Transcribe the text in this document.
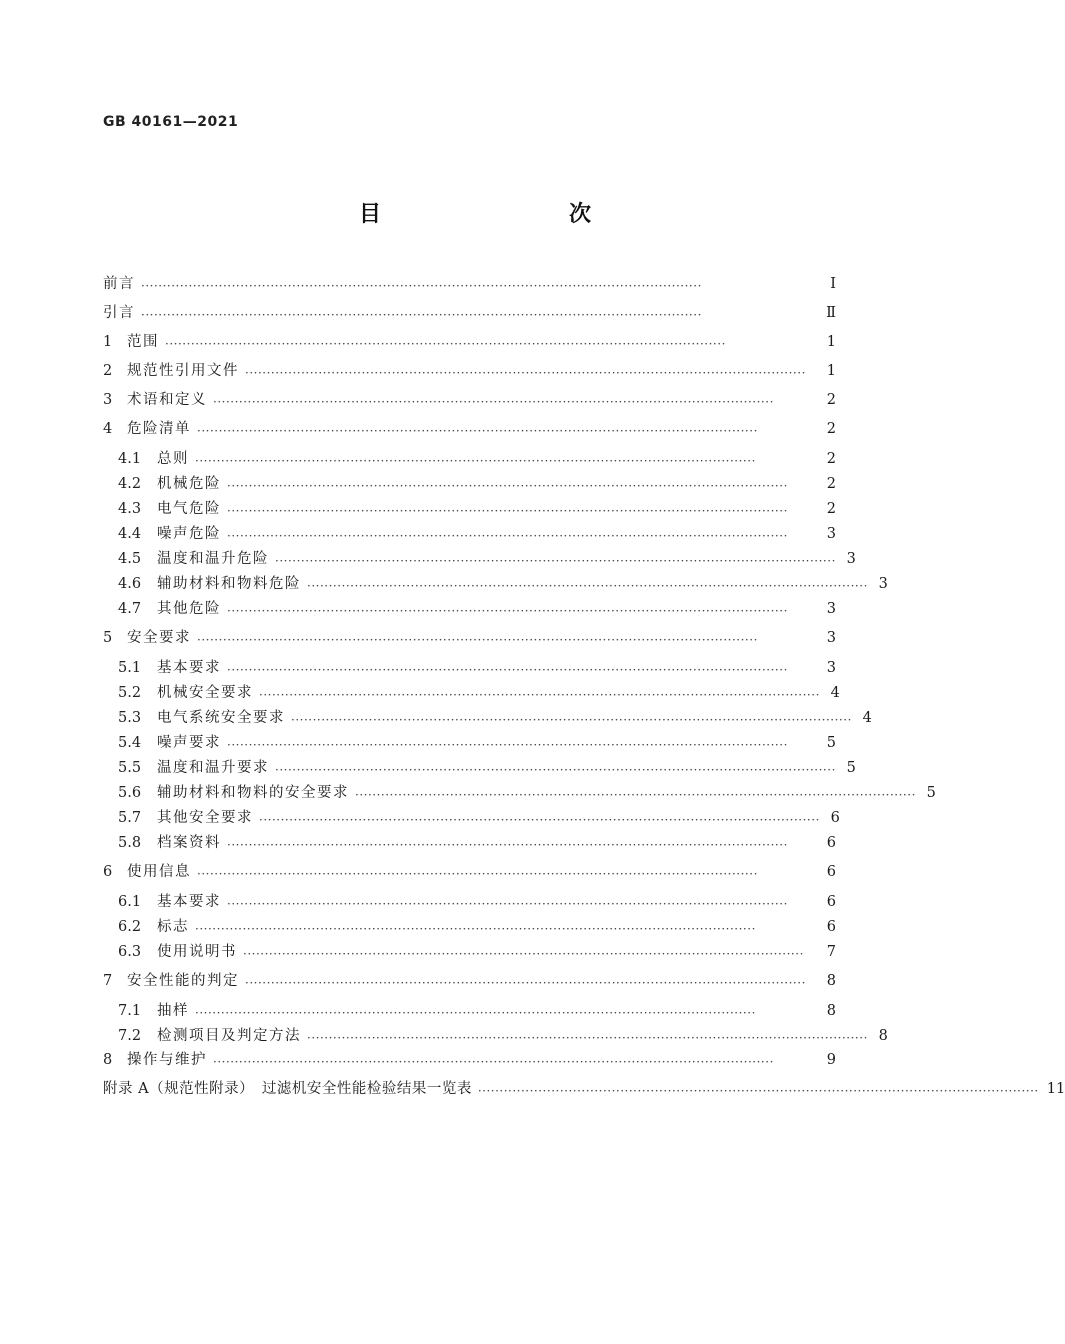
GB 40161—2021
目　　次
前言 ··································································································································	Ⅰ
引言 ··································································································································	Ⅱ
1	范围 ··································································································································	1
2	规范性引用文件 ··································································································································	1
3	术语和定义 ··································································································································	2
4	危险清单 ··································································································································	2
4.1	总则 ··································································································································	2
4.2	机械危险 ··································································································································	2
4.3	电气危险 ··································································································································	2
4.4	噪声危险 ··································································································································	3
4.5	温度和温升危险 ·································································································································· 3
4.6	辅助材料和物料危险 ·································································································································· 3
4.7	其他危险 ··································································································································	3
5	安全要求 ··································································································································	3
5.1	基本要求 ··································································································································	3
5.2	机械安全要求 ·································································································································· 4
5.3	电气系统安全要求 ·································································································································· 4
5.4	噪声要求 ··································································································································	5
5.5	温度和温升要求 ·································································································································· 5
5.6	辅助材料和物料的安全要求 ·································································································································· 5
5.7	其他安全要求 ·································································································································· 6
5.8	档案资料 ··································································································································	6
6	使用信息 ··································································································································	6
6.1	基本要求 ··································································································································	6
6.2	标志 ··································································································································	6
6.3	使用说明书 ··································································································································	7
7	安全性能的判定 ··································································································································	8
7.1	抽样 ··································································································································	8
7.2	检测项目及判定方法 ·································································································································· 8
8	操作与维护 ··································································································································	9
附录 A（规范性附录）　过滤机安全性能检验结果一览表 ·································································································································· 11
